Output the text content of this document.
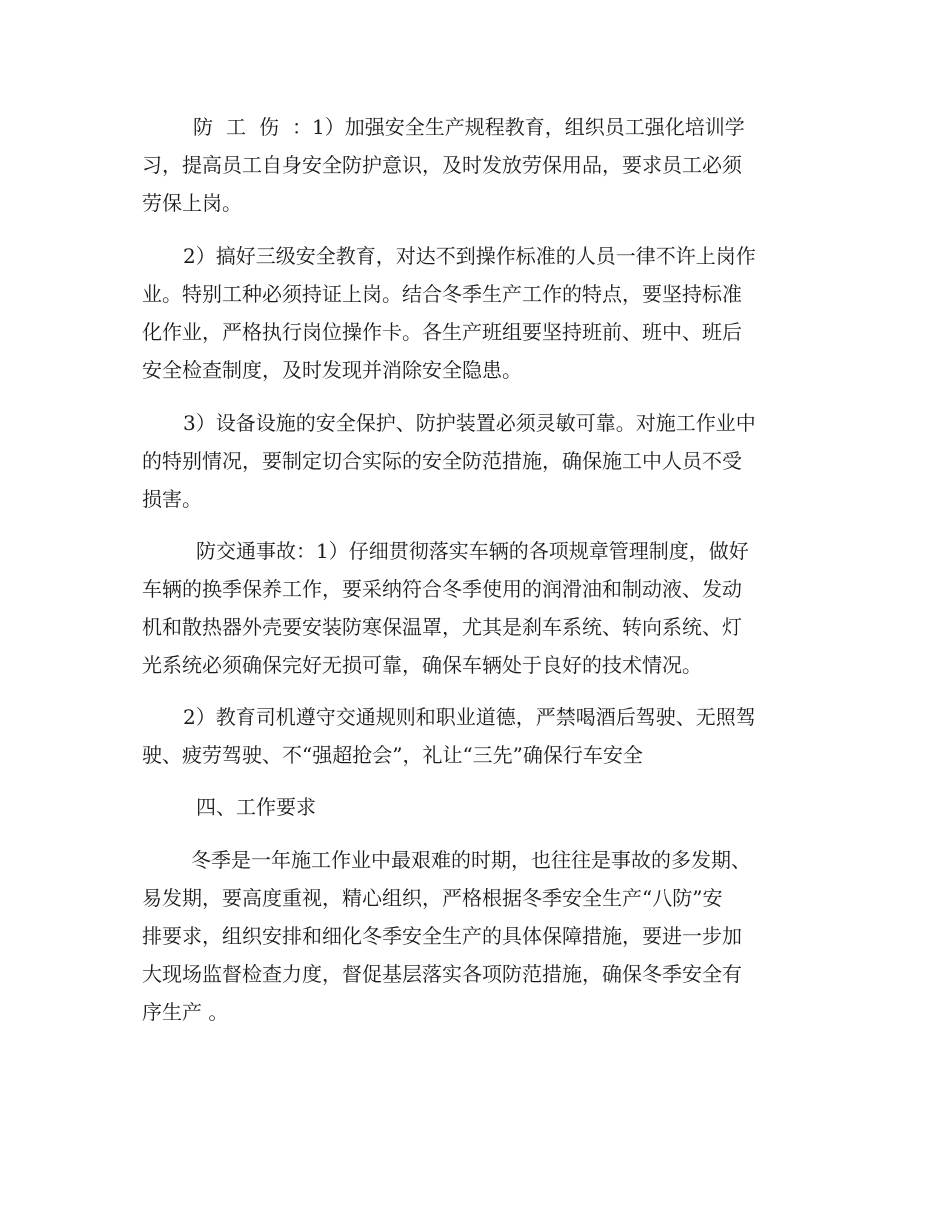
防工伤：1）加强安全生产规程教育，组织员工强化培训学
习，提高员工自身安全防护意识，及时发放劳保用品，要求员工必须
劳保上岗。
2）搞好三级安全教育，对达不到操作标准的人员一律不许上岗作
业。特别工种必须持证上岗。结合冬季生产工作的特点，要坚持标准
化作业，严格执行岗位操作卡。各生产班组要坚持班前、班中、班后
安全检查制度，及时发现并消除安全隐患。
3）设备设施的安全保护、防护装置必须灵敏可靠。对施工作业中
的特别情况，要制定切合实际的安全防范措施，确保施工中人员不受
损害。
防交通事故：1）仔细贯彻落实车辆的各项规章管理制度，做好
车辆的换季保养工作，要采纳符合冬季使用的润滑油和制动液、发动
机和散热器外壳要安装防寒保温罩，尤其是刹车系统、转向系统、灯
光系统必须确保完好无损可靠，确保车辆处于良好的技术情况。
2）教育司机遵守交通规则和职业道德，严禁喝酒后驾驶、无照驾
驶、疲劳驾驶、不“强超抢会”，礼让“三先”确保行车安全
四、工作要求
冬季是一年施工作业中最艰难的时期，也往往是事故的多发期、
易发期，要高度重视，精心组织，严格根据冬季安全生产“八防”安
排要求，组织安排和细化冬季安全生产的具体保障措施，要进一步加
大现场监督检查力度，督促基层落实各项防范措施，确保冬季安全有
序生产 。
